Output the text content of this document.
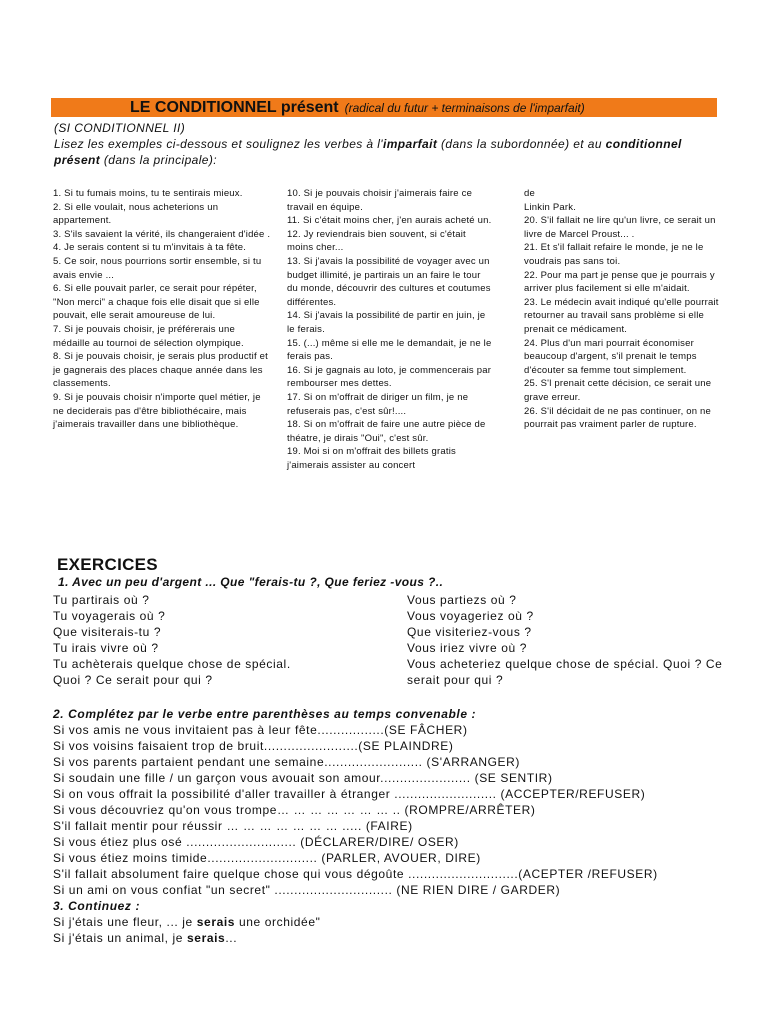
LE CONDITIONNEL présent (radical du futur + terminaisons de l'imparfait)
(SI CONDITIONNEL II)
Lisez les exemples ci-dessous et soulignez les verbes à l'imparfait (dans la subordonnée) et au conditionnel présent (dans la principale):

1. Si tu fumais moins, tu te sentirais mieux.

2. Si elle voulait, nous acheterions un appartement.

3. S'ils savaient la vérité, ils changeraient d'idée .

4. Je serais content si tu m'invitais à ta fête.

5. Ce soir, nous pourrions sortir ensemble, si tu avais envie ...

6. Si elle pouvait parler, ce serait pour répéter, "Non merci" a chaque fois elle disait que si elle pouvait, elle serait amoureuse de lui.

7. Si je pouvais choisir, je préférerais une médaille au tournoi de sélection olympique.

8. Si je pouvais choisir, je serais plus productif et je gagnerais des places chaque année dans les classements.

9. Si je pouvais choisir n'importe quel métier, je ne deciderais pas d'être bibliothécaire, mais j'aimerais travailler dans une bibliothèque.

10. Si je pouvais choisir j'aimerais faire ce travail en équipe.

11. Si c'était moins cher, j'en aurais acheté un.

12. Jy reviendrais bien souvent, si c'était moins cher...

13. Si j'avais la possibilité de voyager avec un budget illimité, je partirais un an faire le tour du monde, découvrir des cultures et coutumes différentes.

14. Si j'avais la possibilité de partir en juin, je le ferais.

15. (...) même si elle me le demandait, je ne le ferais pas.

16. Si je gagnais au loto, je commencerais par rembourser mes dettes.

17. Si on m'offrait de diriger un film, je ne refuserais pas, c'est sûr!....

18. Si on m'offrait de faire une autre pièce de théatre, je dirais "Oui", c'est sûr.

19. Moi si on m'offrait des billets gratis j'aimerais assister au concert

de

Linkin Park.

20. S'il fallait ne lire qu'un livre, ce serait un livre de Marcel Proust... .

21. Et s'il fallait refaire le monde, je ne le voudrais pas sans toi.

22. Pour ma part je pense que je pourrais y arriver plus facilement si elle m'aidait.

23. Le médecin avait indiqué qu'elle pourrait retourner au travail sans problème si elle prenait ce médicament.

24. Plus d'un mari pourrait économiser beaucoup d'argent, s'il prenait le temps d'écouter sa femme tout simplement.

25. S'l prenait cette décision, ce serait une grave erreur.

26. S'il décidait de ne pas continuer, on ne pourrait pas vraiment parler de rupture.

EXERCICES
1. Avec un peu d'argent ... Que "ferais-tu ?, Que feriez -vous ?..

Tu partirais où ?

Tu voyagerais où ?

Que visiterais-tu ?

Tu irais vivre où ?

Tu achèterais quelque chose de spécial.

Quoi ? Ce serait pour qui ?

Vous partiezs où ?

Vous voyageriez où ?

Que visiteriez-vous ?

Vous iriez vivre où ?

Vous acheteriez quelque chose de spécial. Quoi ? Ce serait pour qui ?

2. Complétez par le verbe entre parenthèses au temps convenable :

Si vos amis ne vous invitaient pas à leur fête.................(SE FÂCHER)

Si vos voisins faisaient trop de bruit........................(SE PLAINDRE)

Si vos parents partaient pendant une semaine......................... (S'ARRANGER)

Si soudain une fille / un garçon vous avouait son amour....................... (SE SENTIR)

Si on vous offrait la possibilité d'aller travailler à étranger .......................... (ACCEPTER/REFUSER)

Si vous découvriez qu'on vous trompe… … … … … … … .. (ROMPRE/ARRÊTER)

S'il fallait mentir pour réussir … … … … … … … ..... (FAIRE)

Si vous étiez plus osé ............................ (DÉCLARER/DIRE/ OSER)

Si vous étiez moins timide............................ (PARLER, AVOUER, DIRE)

S'il fallait absolument faire quelque chose qui vous dégoûte ............................(ACEPTER /REFUSER)

Si un ami on vous confiat "un secret" .............................. (NE RIEN DIRE / GARDER)

3. Continuez :

Si j'étais une fleur, ... je serais une orchidée"

Si j'étais un animal, je serais...
